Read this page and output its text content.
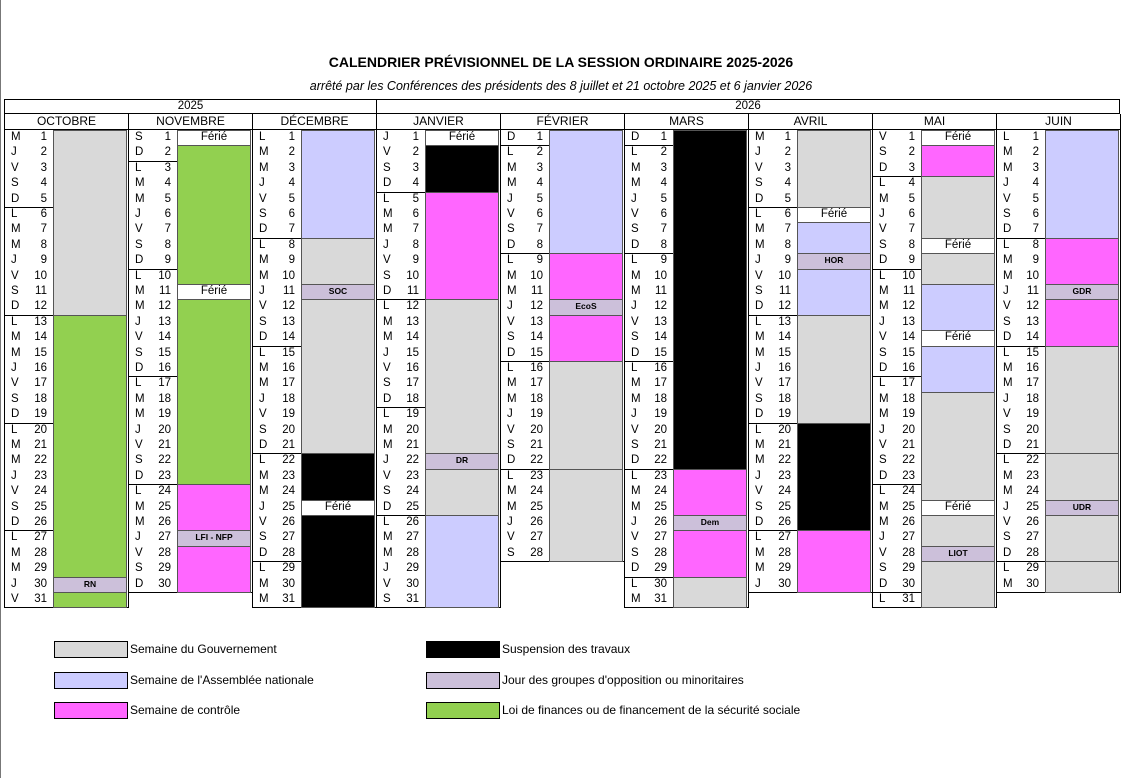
CALENDRIER PRÉVISIONNEL DE LA SESSION ORDINAIRE 2025-2026
arrêté par les Conférences des présidents des 8 juillet et 21 octobre 2025 et 6 janvier 2026
2025	2026
OCTOBRE
M 1
J 2
V 3
S 4
D 5
L 6
M 7
M 8
J 9
V 10
S 11
D 12
L 13
M 14
M 15
J 16
V 17
S 18
D 19
L 20
M 21
M 22
J 23
V 24
S 25
D 26
L 27
M 28
M 29
J 30
V 31
RN
NOVEMBRE
S 1
D 2
L 3
M 4
M 5
J 6
V 7
S 8
D 9
L 10
M 11
M 12
J 13
V 14
S 15
D 16
L 17
M 18
M 19
J 20
V 21
S 22
D 23
L 24
M 25
M 26
J 27
V 28
S 29
D 30
Férié
Férié
LFI - NFP
DÉCEMBRE
L 1
M 2
M 3
J 4
V 5
S 6
D 7
L 8
M 9
M 10
J 11
V 12
S 13
D 14
L 15
M 16
M 17
J 18
V 19
S 20
D 21
L 22
M 23
M 24
J 25
V 26
S 27
D 28
L 29
M 30
M 31
SOC
Férié
JANVIER
J 1
V 2
S 3
D 4
L 5
M 6
M 7
J 8
V 9
S 10
D 11
L 12
M 13
M 14
J 15
V 16
S 17
D 18
L 19
M 20
M 21
J 22
V 23
S 24
D 25
L 26
M 27
M 28
J 29
V 30
S 31
Férié
DR
FÉVRIER
D 1
L 2
M 3
M 4
J 5
V 6
S 7
D 8
L 9
M 10
M 11
J 12
V 13
S 14
D 15
L 16
M 17
M 18
J 19
V 20
S 21
D 22
L 23
M 24
M 25
J 26
V 27
S 28
EcoS
MARS
D 1
L 2
M 3
M 4
J 5
V 6
S 7
D 8
L 9
M 10
M 11
J 12
V 13
S 14
D 15
L 16
M 17
M 18
J 19
V 20
S 21
D 22
L 23
M 24
M 25
J 26
V 27
S 28
D 29
L 30
M 31
Dem
AVRIL
M 1
J 2
V 3
S 4
D 5
L 6
M 7
M 8
J 9
V 10
S 11
D 12
L 13
M 14
M 15
J 16
V 17
S 18
D 19
L 20
M 21
M 22
J 23
V 24
S 25
D 26
L 27
M 28
M 29
J 30
Férié
HOR
MAI
V 1
S 2
D 3
L 4
M 5
J 6
V 7
S 8
D 9
L 10
M 11
M 12
J 13
V 14
S 15
D 16
L 17
M 18
M 19
J 20
V 21
S 22
D 23
L 24
M 25
M 26
J 27
V 28
S 29
D 30
L 31
Férié
Férié
Férié
Férié
LIOT
JUIN
L 1
M 2
M 3
J 4
V 5
S 6
D 7
L 8
M 9
M 10
J 11
V 12
S 13
D 14
L 15
M 16
M 17
J 18
V 19
S 20
D 21
L 22
M 23
M 24
J 25
V 26
S 27
D 28
L 29
M 30
GDR
UDR
Semaine du Gouvernement
Semaine de l'Assemblée nationale
Semaine de contrôle
Suspension des travaux
Jour des groupes d'opposition ou minoritaires
Loi de finances ou de financement de la sécurité sociale
